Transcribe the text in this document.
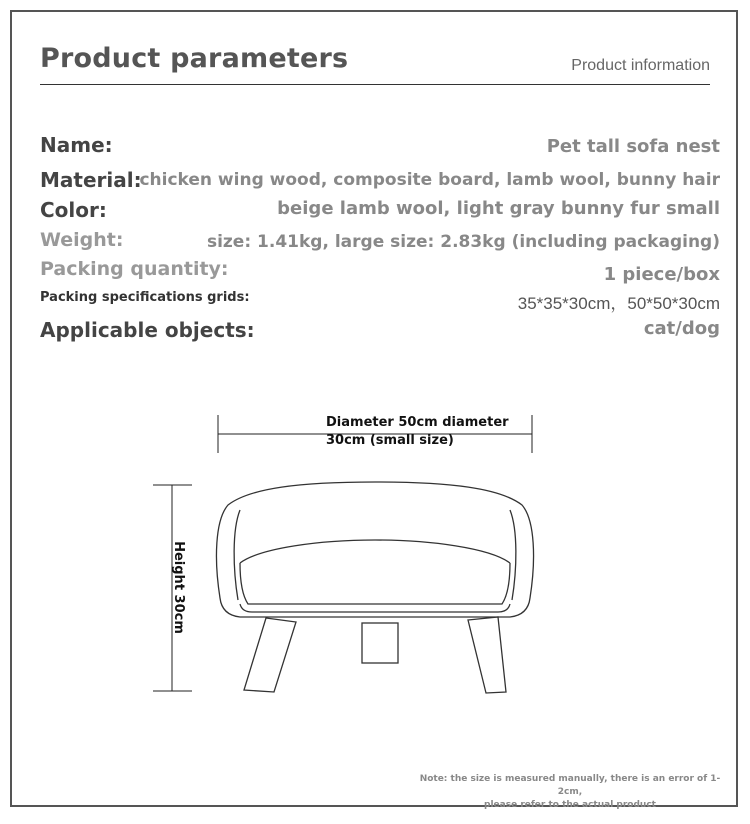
Product parameters	Product information
Name:	Pet tall sofa nest
Material:
chicken wing wood, composite board, lamb wool, bunny hair
Color:	beige lamb wool, light gray bunny fur small
Weight:	size: 1.41kg, large size: 2.83kg (including packaging)
Packing quantity:	1 piece/box
Packing specifications grids:	35*35*30cm，50*50*30cm
Applicable objects:	cat/dog
Diameter 50cm diameter 30cm (small size)
Height 30cm
Note: the size is measured manually, there is an error of 1-2cm,
please refer to the actual product
